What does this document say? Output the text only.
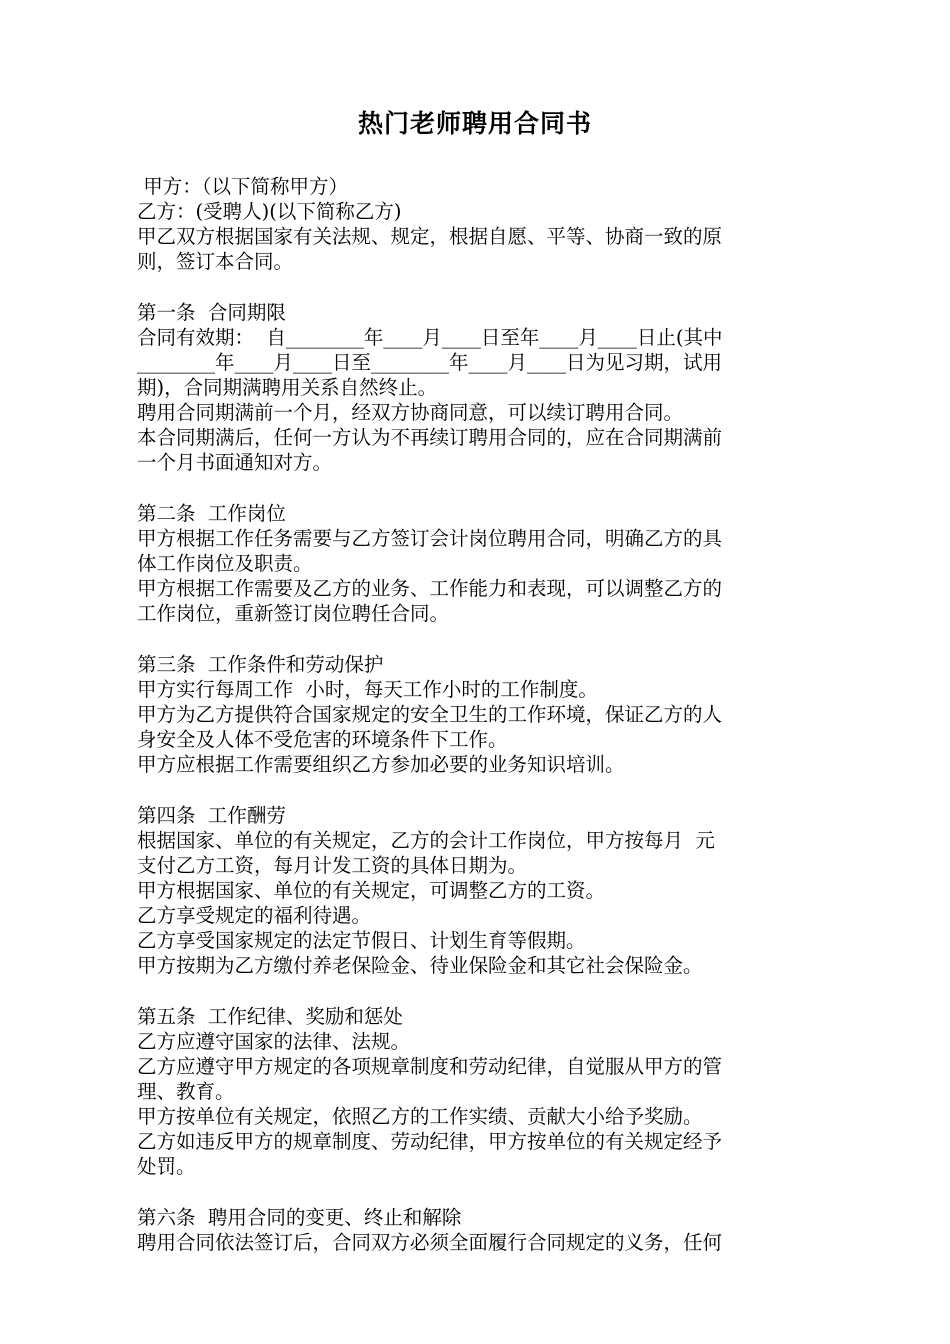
热门老师聘用合同书
甲方：（以下简称甲方）
乙方：(受聘人)(以下简称乙方)
甲乙双方根据国家有关法规、规定，根据自愿、平等、协商一致的原
则，签订本合同。
第一条  合同期限
合同有效期：  自________年____月____日至年____月____日止(其中
________年____月____日至________年____月____日为见习期，试用
期)，合同期满聘用关系自然终止。
聘用合同期满前一个月，经双方协商同意，可以续订聘用合同。
本合同期满后，任何一方认为不再续订聘用合同的，应在合同期满前
一个月书面通知对方。
第二条  工作岗位
甲方根据工作任务需要与乙方签订会计岗位聘用合同，明确乙方的具
体工作岗位及职责。
甲方根据工作需要及乙方的业务、工作能力和表现，可以调整乙方的
工作岗位，重新签订岗位聘任合同。
第三条  工作条件和劳动保护
甲方实行每周工作  小时，每天工作小时的工作制度。
甲方为乙方提供符合国家规定的安全卫生的工作环境，保证乙方的人
身安全及人体不受危害的环境条件下工作。
甲方应根据工作需要组织乙方参加必要的业务知识培训。
第四条  工作酬劳
根据国家、单位的有关规定，乙方的会计工作岗位，甲方按每月  元
支付乙方工资，每月计发工资的具体日期为。
甲方根据国家、单位的有关规定，可调整乙方的工资。
乙方享受规定的福利待遇。
乙方享受国家规定的法定节假日、计划生育等假期。
甲方按期为乙方缴付养老保险金、待业保险金和其它社会保险金。
第五条  工作纪律、奖励和惩处
乙方应遵守国家的法律、法规。
乙方应遵守甲方规定的各项规章制度和劳动纪律，自觉服从甲方的管
理、教育。
甲方按单位有关规定，依照乙方的工作实绩、贡献大小给予奖励。
乙方如违反甲方的规章制度、劳动纪律，甲方按单位的有关规定经予
处罚。
第六条  聘用合同的变更、终止和解除
聘用合同依法签订后，合同双方必须全面履行合同规定的义务，任何
